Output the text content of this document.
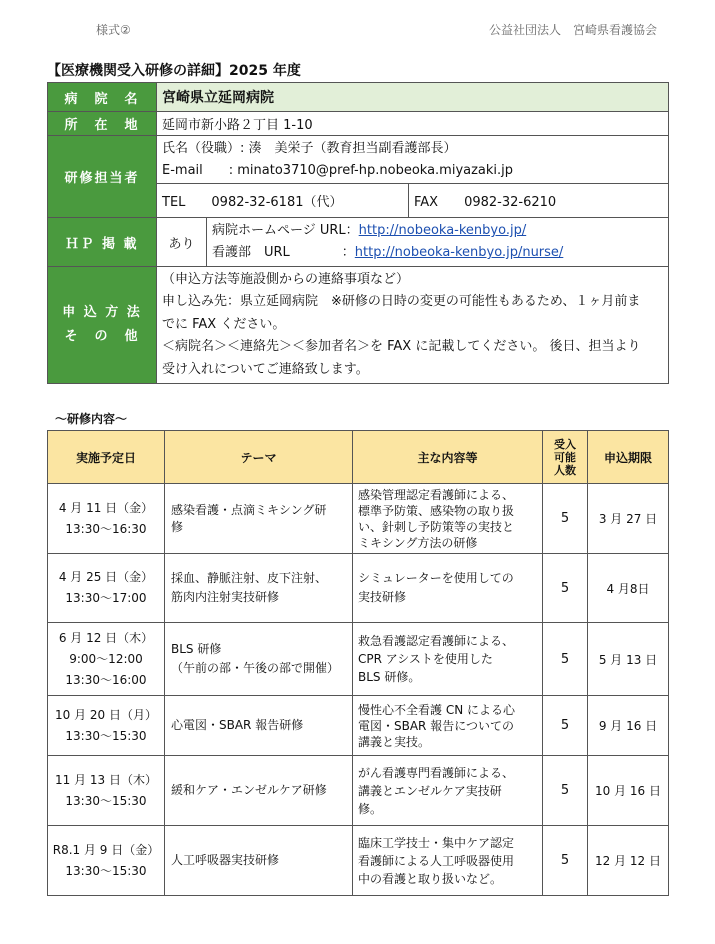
様式②	公益社団法人　宮崎県看護協会
【医療機関受入研修の詳細】2025 年度
病　院　名	宮崎県立延岡病院		
所　在　地	延岡市新小路２丁目 1-10		
研修担当者	氏名（役職）: 湊　美栄子（教育担当副看護部長）
E-mail　　: minato3710@pref-hp.nobeoka.miyazaki.jp		

	TEL　　0982-32-6181（代）		FAX　　0982-32-6210
ＨＰ 掲 載	あり	病院ホームページ URL：http://nobeoka-kenbyo.jp/
看護部　URL　　　　：http://nobeoka-kenbyo.jp/nurse/	

申 込 方 法
そ　の　他	（申込方法等施設側からの連絡事項など）
申し込み先：県立延岡病院　※研修の日時の変更の可能性もあるため、１ヶ月前ま
でに FAX ください。
＜病院名＞＜連絡先＞＜参加者名＞を FAX に記載してください。 後日、担当より
受け入れについてご連絡致します。		
～研修内容～
実施予定日	テーマ	主な内容等	受入
可能
人数	申込期限

4 月 11 日（金）
13:30～16:30	感染看護・点滴ミキシング研
修	感染管理認定看護師による、
標準予防策、感染物の取り扱
い、針刺し予防策等の実技と
ミキシング方法の研修	5	3 月 27 日

4 月 25 日（金）
13:30～17:00	採血、静脈注射、皮下注射、
筋肉内注射実技研修	シミュレーターを使用しての
実技研修	5	4 月8日

6 月 12 日（木）
9:00～12:00
13:30～16:00	BLS 研修
（午前の部・午後の部で開催）	救急看護認定看護師による、
CPR アシストを使用した
BLS 研修。	5	5 月 13 日

10 月 20 日（月）
13:30～15:30	心電図・SBAR 報告研修	慢性心不全看護 CN による心
電図・SBAR 報告についての
講義と実技。	5	9 月 16 日

11 月 13 日（木）
13:30～15:30	緩和ケア・エンゼルケア研修	がん看護専門看護師による、
講義とエンゼルケア実技研
修。	5	10 月 16 日

R8.1 月 9 日（金）
13:30～15:30	人工呼吸器実技研修	臨床工学技士・集中ケア認定
看護師による人工呼吸器使用
中の看護と取り扱いなど。	5	12 月 12 日
